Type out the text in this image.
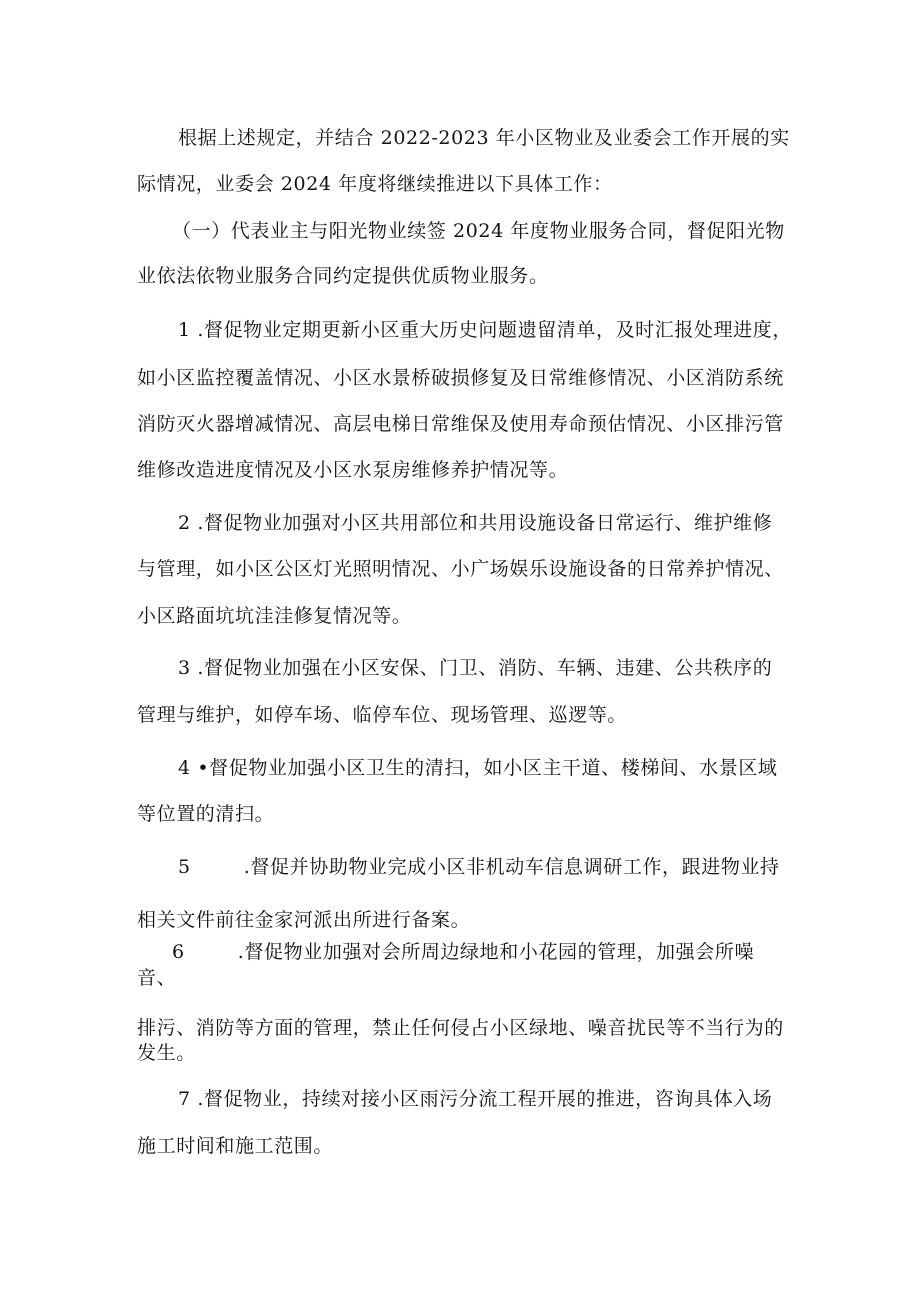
根据上述规定，并结合 2022-2023 年小区物业及业委会工作开展的实
际情况，业委会 2024 年度将继续推进以下具体工作：
（一）代表业主与阳光物业续签 2024 年度物业服务合同，督促阳光物
业依法依物业服务合同约定提供优质物业服务。
1 .督促物业定期更新小区重大历史问题遗留清单，及时汇报处理进度，
如小区监控覆盖情况、小区水景桥破损修复及日常维修情况、小区消防系统
消防灭火器增减情况、高层电梯日常维保及使用寿命预估情况、小区排污管
维修改造进度情况及小区水泵房维修养护情况等。
2 .督促物业加强对小区共用部位和共用设施设备日常运行、维护维修
与管理，如小区公区灯光照明情况、小广场娱乐设施设备的日常养护情况、
小区路面坑坑洼洼修复情况等。
3 .督促物业加强在小区安保、门卫、消防、车辆、违建、公共秩序的
管理与维护，如停车场、临停车位、现场管理、巡逻等。
4 •督促物业加强小区卫生的清扫，如小区主干道、楼梯间、水景区域
等位置的清扫。
5        .督促并协助物业完成小区非机动车信息调研工作，跟进物业持
相关文件前往金家河派出所进行备案。
6        .督促物业加强对会所周边绿地和小花园的管理，加强会所噪
音、
排污、消防等方面的管理，禁止任何侵占小区绿地、噪音扰民等不当行为的
发生。
7 .督促物业，持续对接小区雨污分流工程开展的推进，咨询具体入场
施工时间和施工范围。
